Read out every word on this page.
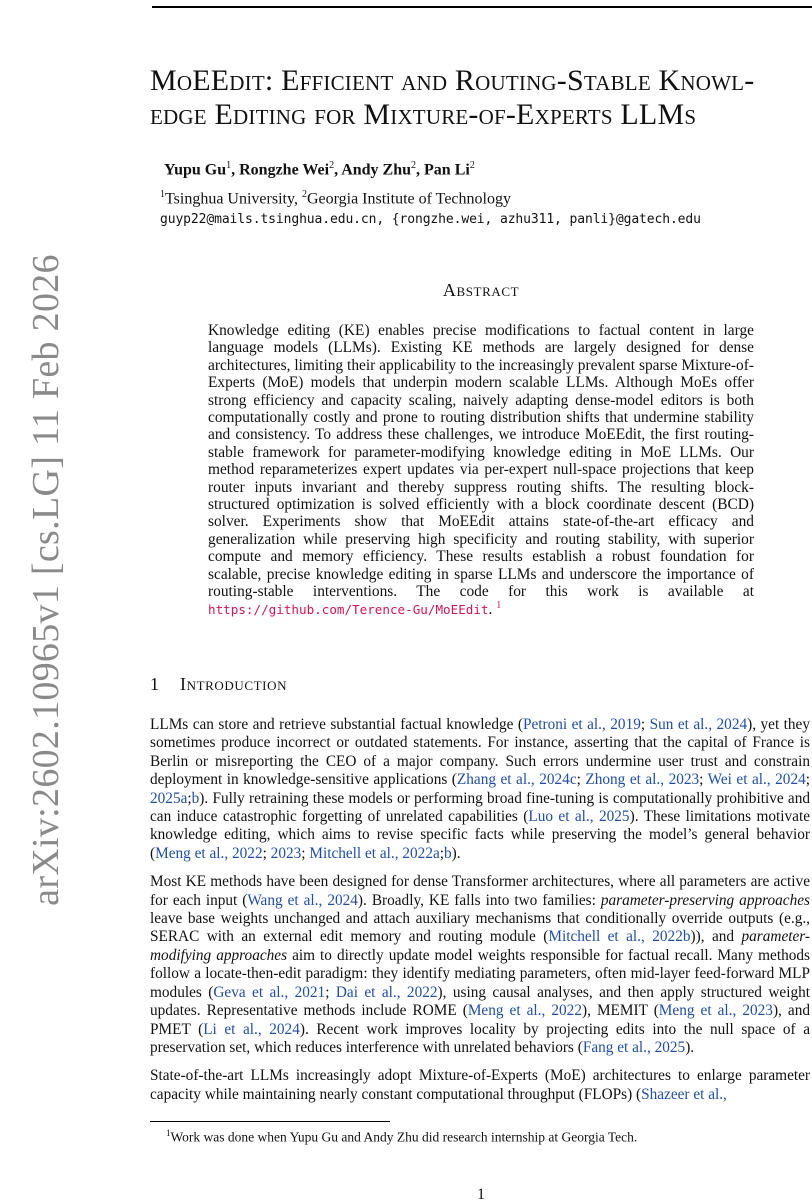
arXiv:2602.10965v1 [cs.LG] 11 Feb 2026
MoEEdit: Efficient and Routing-Stable Knowl-
edge Editing for Mixture-of-Experts LLMs
Yupu Gu$^1$, Rongzhe Wei$^2$, Andy Zhu$^2$, Pan Li$^2$
$^1$Tsinghua University, $^2$Georgia Institute of Technology
guyp22@mails.tsinghua.edu.cn, {rongzhe.wei, azhu311, panli}@gatech.edu
Abstract
Knowledge editing (KE) enables precise modifications to factual content in large language models (LLMs). Existing KE methods are largely designed for dense architectures, limiting their applicability to the increasingly prevalent sparse Mixture-of-Experts (MoE) models that underpin modern scalable LLMs. Although MoEs offer strong efficiency and capacity scaling, naively adapting dense-model editors is both computationally costly and prone to routing distribution shifts that undermine stability and consistency. To address these challenges, we introduce MoEEdit, the first routing-stable framework for parameter-modifying knowledge editing in MoE LLMs. Our method reparameterizes expert updates via per-expert null-space projections that keep router inputs invariant and thereby suppress routing shifts. The resulting block-structured optimization is solved efficiently with a block coordinate descent (BCD) solver. Experiments show that MoEEdit attains state-of-the-art efficacy and generalization while preserving high specificity and routing stability, with superior compute and memory efficiency. These results establish a robust foundation for scalable, precise knowledge editing in sparse LLMs and underscore the importance of routing-stable interventions. The code for this work is available at https://github.com/Terence-Gu/MoEEdit. $^1$
1 Introduction

LLMs can store and retrieve substantial factual knowledge (Petroni et al., 2019; Sun et al., 2024), yet they sometimes produce incorrect or outdated statements. For instance, asserting that the capital of France is Berlin or misreporting the CEO of a major company. Such errors undermine user trust and constrain deployment in knowledge-sensitive applications (Zhang et al., 2024c; Zhong et al., 2023; Wei et al., 2024; 2025a;b). Fully retraining these models or performing broad fine-tuning is computationally prohibitive and can induce catastrophic forgetting of unrelated capabilities (Luo et al., 2025). These limitations motivate knowledge editing, which aims to revise specific facts while preserving the model’s general behavior (Meng et al., 2022; 2023; Mitchell et al., 2022a;b).

Most KE methods have been designed for dense Transformer architectures, where all parameters are active for each input (Wang et al., 2024). Broadly, KE falls into two families: parameter-preserving approaches leave base weights unchanged and attach auxiliary mechanisms that conditionally override outputs (e.g., SERAC with an external edit memory and routing module (Mitchell et al., 2022b)), and parameter-modifying approaches aim to directly update model weights responsible for factual recall. Many methods follow a locate-then-edit paradigm: they identify mediating parameters, often mid-layer feed-forward MLP modules (Geva et al., 2021; Dai et al., 2022), using causal analyses, and then apply structured weight updates. Representative methods include ROME (Meng et al., 2022), MEMIT (Meng et al., 2023), and PMET (Li et al., 2024). Recent work improves locality by projecting edits into the null space of a preservation set, which reduces interference with unrelated behaviors (Fang et al., 2025).

State-of-the-art LLMs increasingly adopt Mixture-of-Experts (MoE) architectures to enlarge parameter capacity while maintaining nearly constant computational throughput (FLOPs) (Shazeer et al.,

$^1$Work was done when Yupu Gu and Andy Zhu did research internship at Georgia Tech.
1
